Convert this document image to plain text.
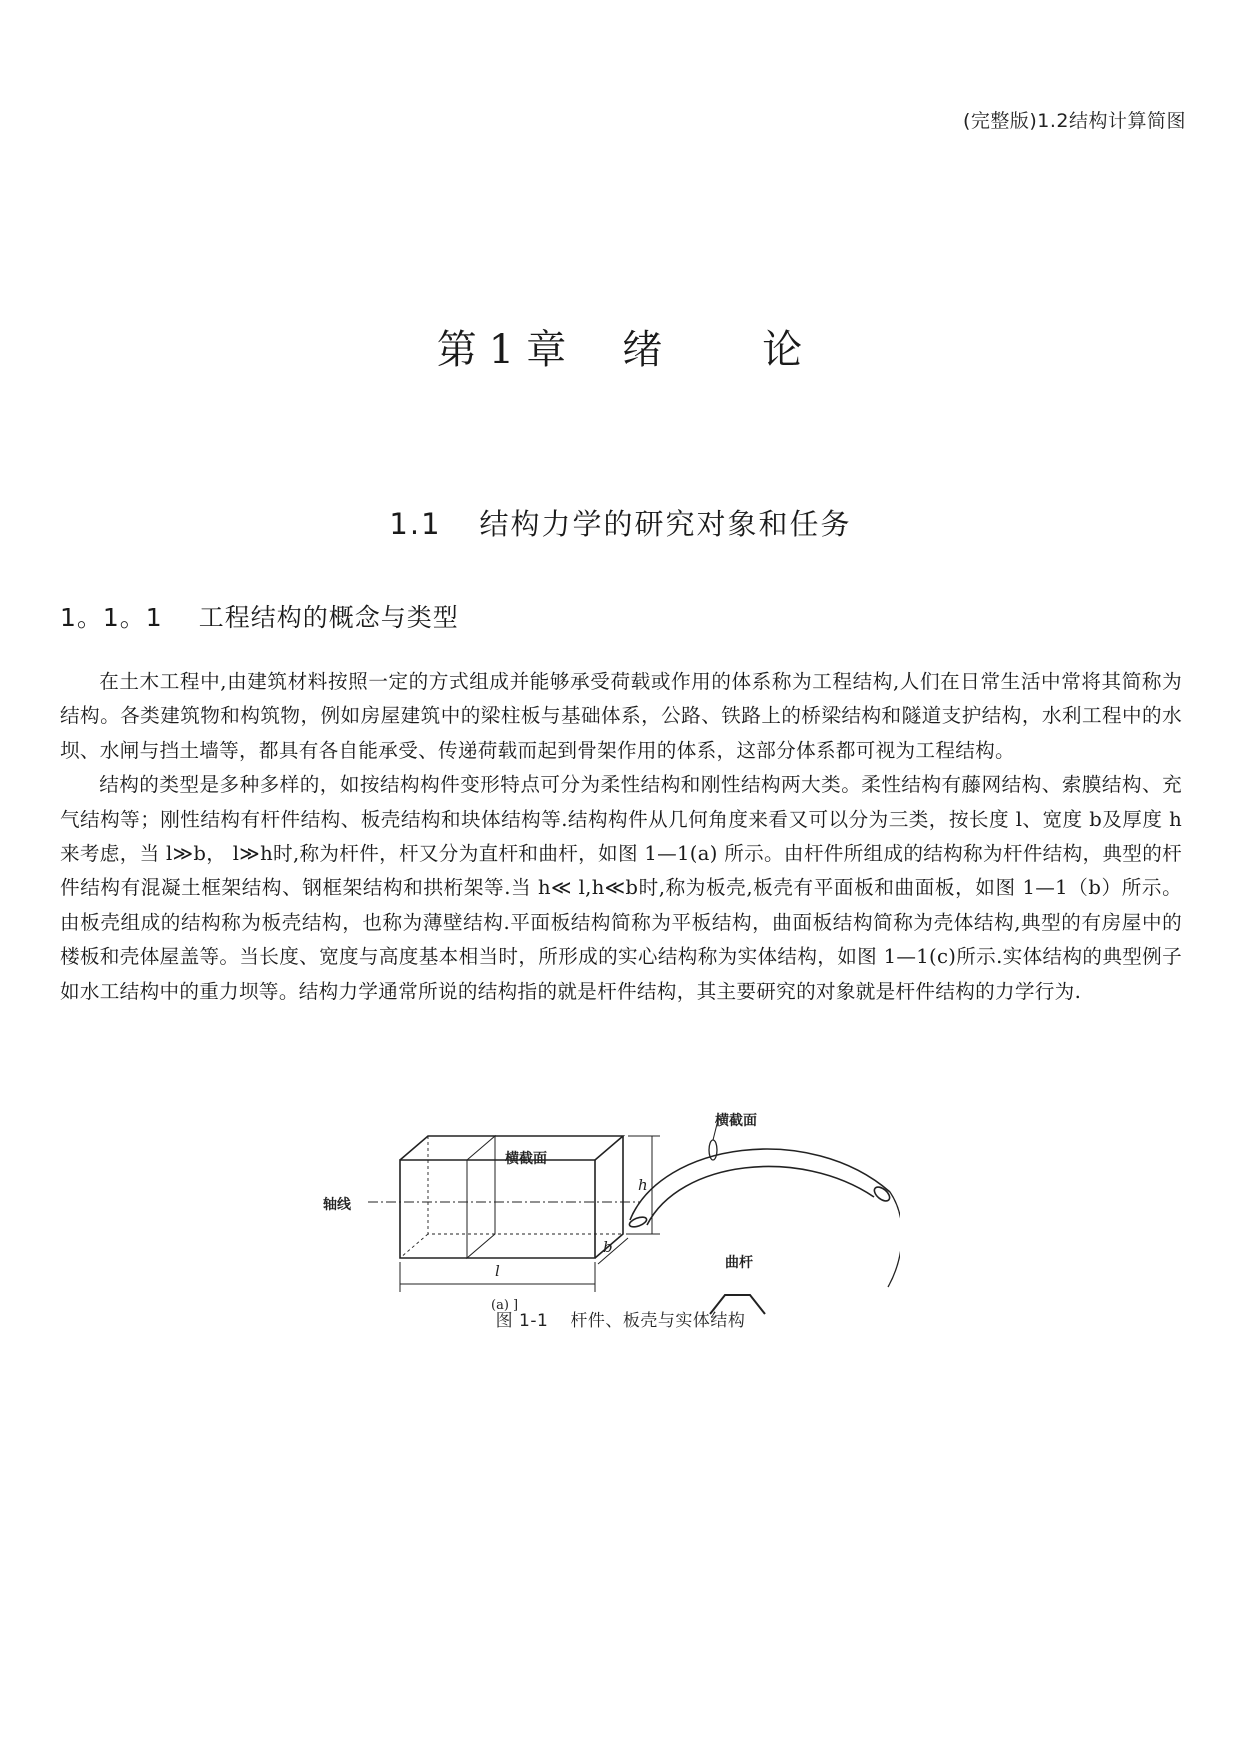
(完整版)1.2结构计算简图
第 1 章 绪 论
1.1 结构力学的研究对象和任务
1。1。1 工程结构的概念与类型

在土木工程中,由建筑材料按照一定的方式组成并能够承受荷载或作用的体系称为工程结构,人们在日常生活中常将其简称为结构。各类建筑物和构筑物，例如房屋建筑中的梁柱板与基础体系，公路、铁路上的桥梁结构和隧道支护结构，水利工程中的水坝、水闸与挡土墙等，都具有各自能承受、传递荷载而起到骨架作用的体系，这部分体系都可视为工程结构。

结构的类型是多种多样的，如按结构构件变形特点可分为柔性结构和刚性结构两大类。柔性结构有藤网结构、索膜结构、充气结构等；刚性结构有杆件结构、板壳结构和块体结构等.结构构件从几何角度来看又可以分为三类，按长度 l、宽度 b及厚度 h来考虑，当 l≫b， l≫h时,称为杆件，杆又分为直杆和曲杆，如图 1—1(a) 所示。由杆件所组成的结构称为杆件结构，典型的杆件结构有混凝土框架结构、钢框架结构和拱桁架等.当 h≪ l,h≪b时,称为板壳,板壳有平面板和曲面板，如图 1—1（b）所示。由板壳组成的结构称为板壳结构，也称为薄壁结构.平面板结构简称为平板结构，曲面板结构简称为壳体结构,典型的有房屋中的楼板和壳体屋盖等。当长度、宽度与高度基本相当时，所形成的实心结构称为实体结构，如图 1—1(c)所示.实体结构的典型例子如水工结构中的重力坝等。结构力学通常所说的结构指的就是杆件结构，其主要研究的对象就是杆件结构的力学行为.

横截面
轴线
h
b
l
(a) ]
横截面
曲杆
图 1-1 杆件、板壳与实体结构
